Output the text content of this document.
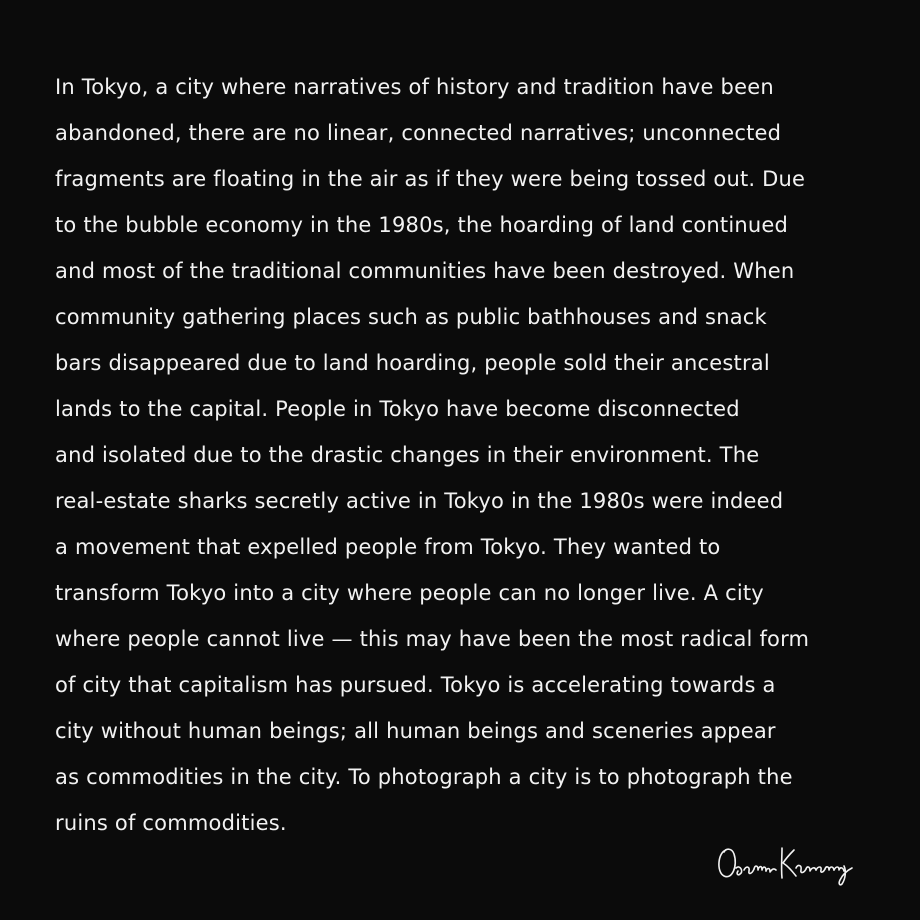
In Tokyo, a city where narratives of history and tradition have been
abandoned, there are no linear, connected narratives; unconnected
fragments are floating in the air as if they were being tossed out. Due
to the bubble economy in the 1980s, the hoarding of land continued
and most of the traditional communities have been destroyed. When
community gathering places such as public bathhouses and snack
bars disappeared due to land hoarding, people sold their ancestral
lands to the capital. People in Tokyo have become disconnected
and isolated due to the drastic changes in their environment. The
real-estate sharks secretly active in Tokyo in the 1980s were indeed
a movement that expelled people from Tokyo. They wanted to
transform Tokyo into a city where people can no longer live. A city
where people cannot live — this may have been the most radical form
of city that capitalism has pursued. Tokyo is accelerating towards a
city without human beings; all human beings and sceneries appear
as commodities in the city. To photograph a city is to photograph the
ruins of commodities.
